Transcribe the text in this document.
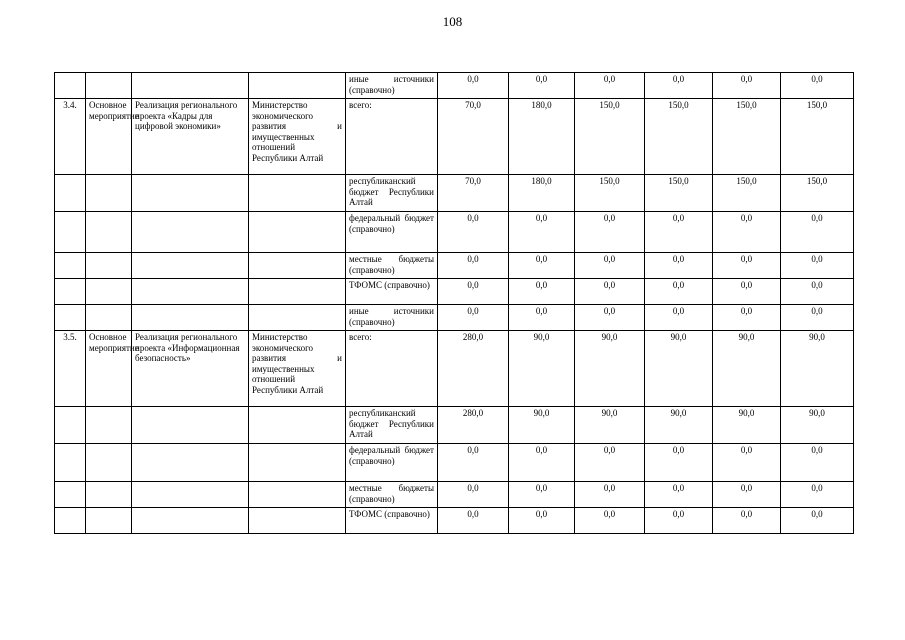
108
				иные источники (справочно)	0,0	0,0	0,0	0,0	0,0	0,0
3.4.	Основное мероприятие	Реализация регионального проекта «Кадры для цифровой экономики»	Министерство экономического развития и имущественных отношений Республики Алтай	всего:	70,0	180,0	150,0	150,0	150,0	150,0
				республиканский бюджет Республики Алтай	70,0	180,0	150,0	150,0	150,0	150,0
				федеральный бюджет (справочно)	0,0	0,0	0,0	0,0	0,0	0,0
				местные бюджеты (справочно)	0,0	0,0	0,0	0,0	0,0	0,0
				ТФОМС (справочно)	0,0	0,0	0,0	0,0	0,0	0,0
				иные источники (справочно)	0,0	0,0	0,0	0,0	0,0	0,0
3.5.	Основное мероприятие	Реализация регионального проекта «Информационная безопасность»	Министерство экономического развития и имущественных отношений Республики Алтай	всего:	280,0	90,0	90,0	90,0	90,0	90,0
				республиканский бюджет Республики Алтай	280,0	90,0	90,0	90,0	90,0	90,0
				федеральный бюджет (справочно)	0,0	0,0	0,0	0,0	0,0	0,0
				местные бюджеты (справочно)	0,0	0,0	0,0	0,0	0,0	0,0
				ТФОМС (справочно)	0,0	0,0	0,0	0,0	0,0	0,0
